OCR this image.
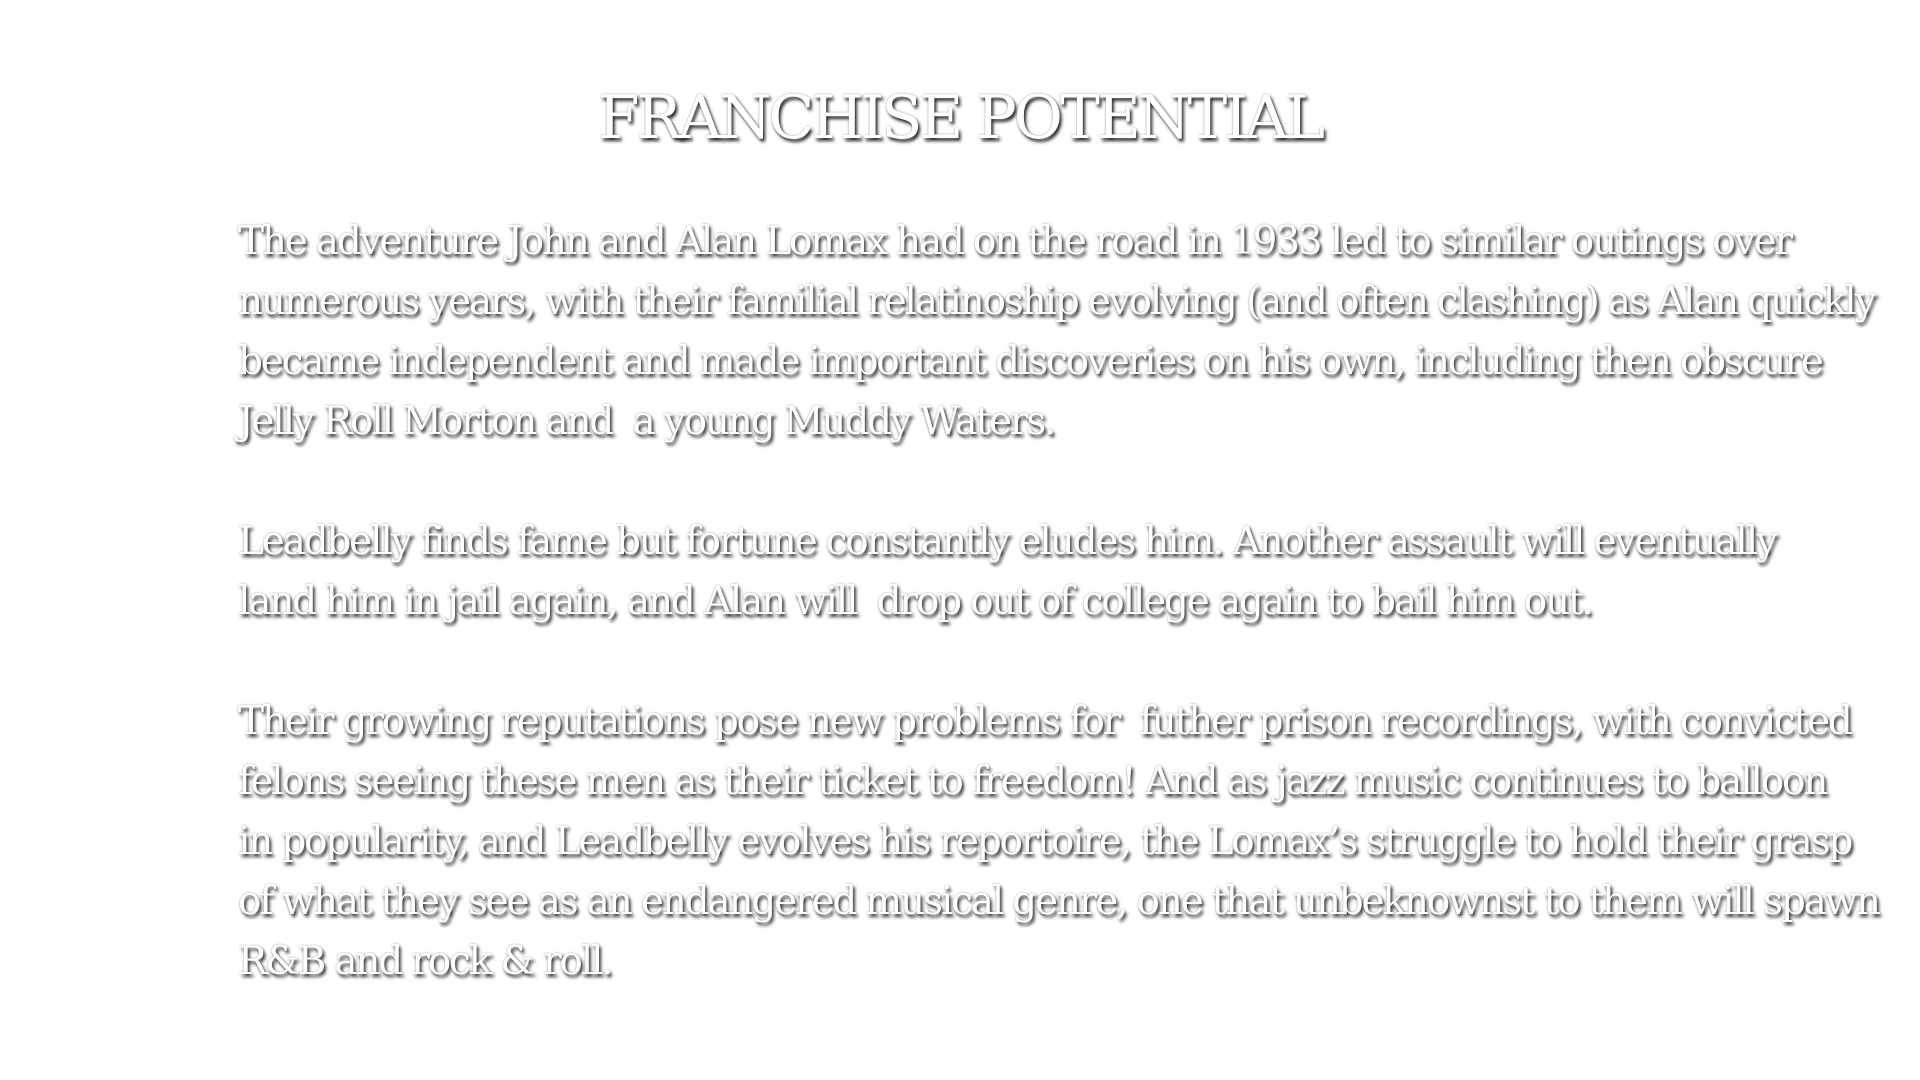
FRANCHISE POTENTIAL

The adventure John and Alan Lomax had on the road in 1933 led to similar outings over
numerous years, with their familial relatinoship evolving (and often clashing) as Alan quickly
became independent and made important discoveries on his own, including then obscure
Jelly Roll Morton and  a young Muddy Waters.

Leadbelly finds fame but fortune constantly eludes him. Another assault will eventually
land him in jail again, and Alan will  drop out of college again to bail him out.

Their growing reputations pose new problems for  futher prison recordings, with convicted
felons seeing these men as their ticket to freedom! And as jazz music continues to balloon
in popularity, and Leadbelly evolves his reportoire, the Lomax’s struggle to hold their grasp
of what they see as an endangered musical genre, one that unbeknownst to them will spawn
R&B and rock & roll.
